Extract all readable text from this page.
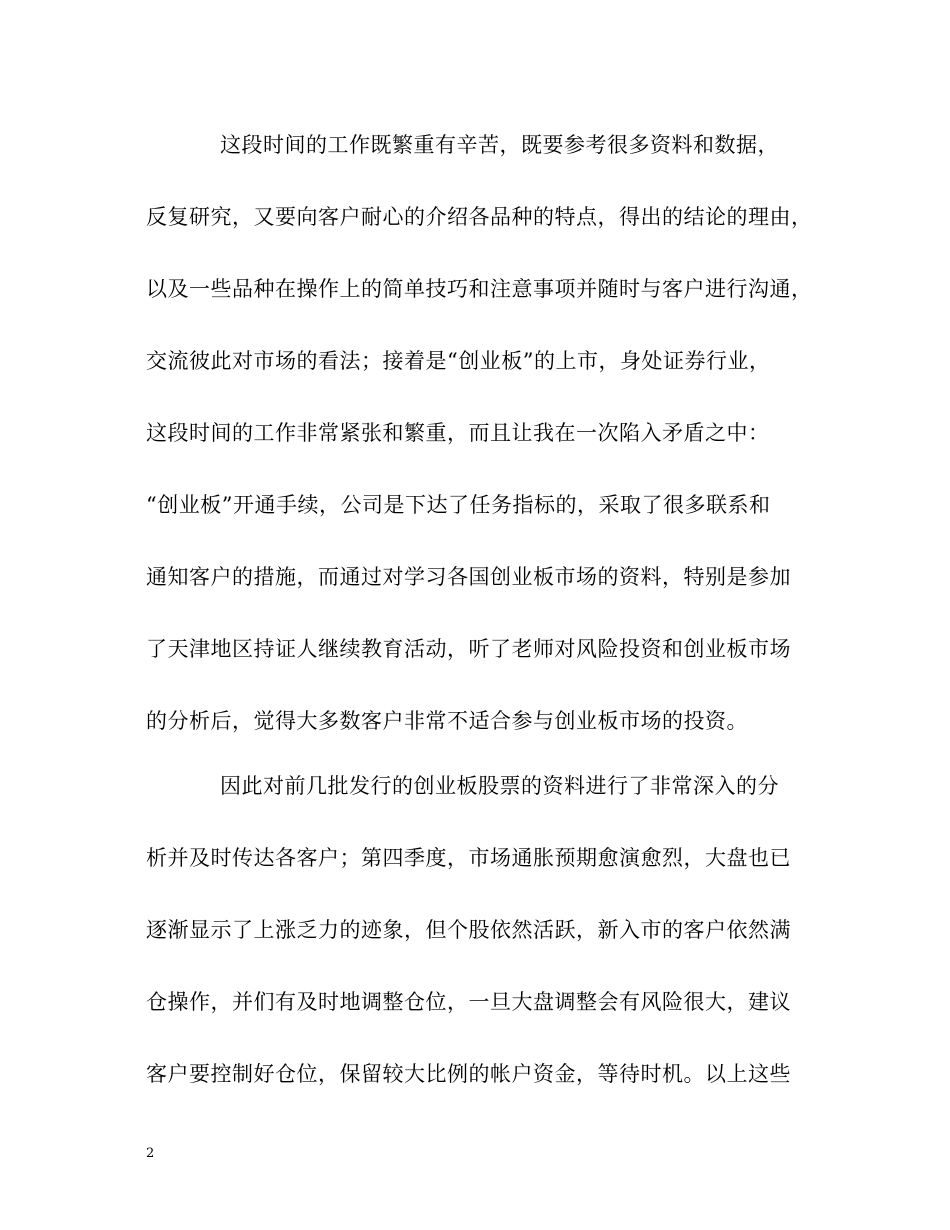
这段时间的工作既繁重有辛苦，既要参考很多资料和数据，
反复研究，又要向客户耐心的介绍各品种的特点，得出的结论的理由，
以及一些品种在操作上的简单技巧和注意事项并随时与客户进行沟通，
交流彼此对市场的看法；接着是“创业板”的上市，身处证券行业，
这段时间的工作非常紧张和繁重，而且让我在一次陷入矛盾之中：
“创业板”开通手续，公司是下达了任务指标的，采取了很多联系和
通知客户的措施，而通过对学习各国创业板市场的资料，特别是参加
了天津地区持证人继续教育活动，听了老师对风险投资和创业板市场
的分析后，觉得大多数客户非常不适合参与创业板市场的投资。
因此对前几批发行的创业板股票的资料进行了非常深入的分
析并及时传达各客户；第四季度，市场通胀预期愈演愈烈，大盘也已
逐渐显示了上涨乏力的迹象，但个股依然活跃，新入市的客户依然满
仓操作，并们有及时地调整仓位，一旦大盘调整会有风险很大，建议
客户要控制好仓位，保留较大比例的帐户资金，等待时机。以上这些
2
